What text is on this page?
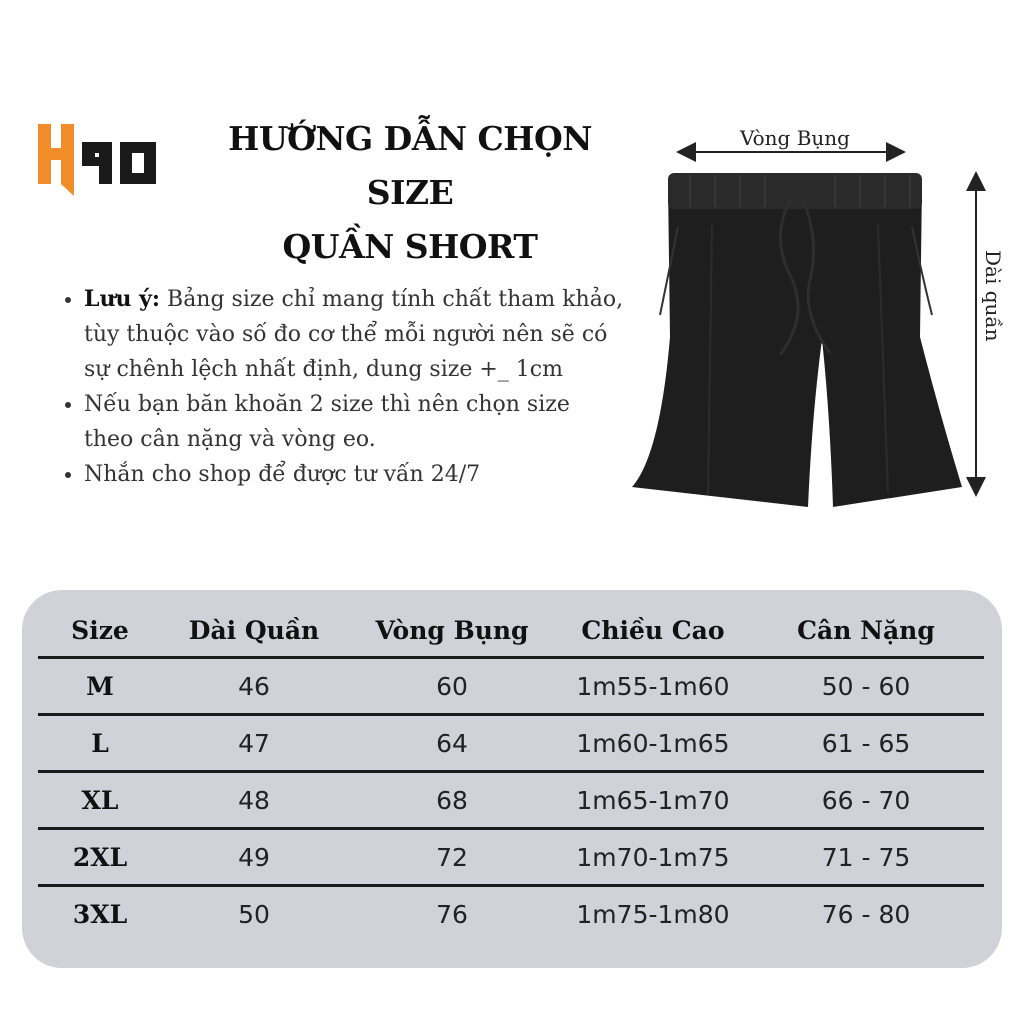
HƯỚNG DẪN CHỌN SIZE
QUẦN SHORT
• Lưu ý: Bảng size chỉ mang tính chất tham khảo, tùy thuộc vào số đo cơ thể mỗi người nên sẽ có sự chênh lệch nhất định, dung size +_ 1cm
• Nếu bạn băn khoăn 2 size thì nên chọn size theo cân nặng và vòng eo.
• Nhắn cho shop để được tư vấn 24/7
Vòng Bụng
Dài quần
Size	Dài Quần	Vòng Bụng	Chiều Cao	Cân Nặng
M	46	60	1m55-1m60	50 - 60
L	47	64	1m60-1m65	61 - 65
XL	48	68	1m65-1m70	66 - 70
2XL	49	72	1m70-1m75	71 - 75
3XL	50	76	1m75-1m80	76 - 80
